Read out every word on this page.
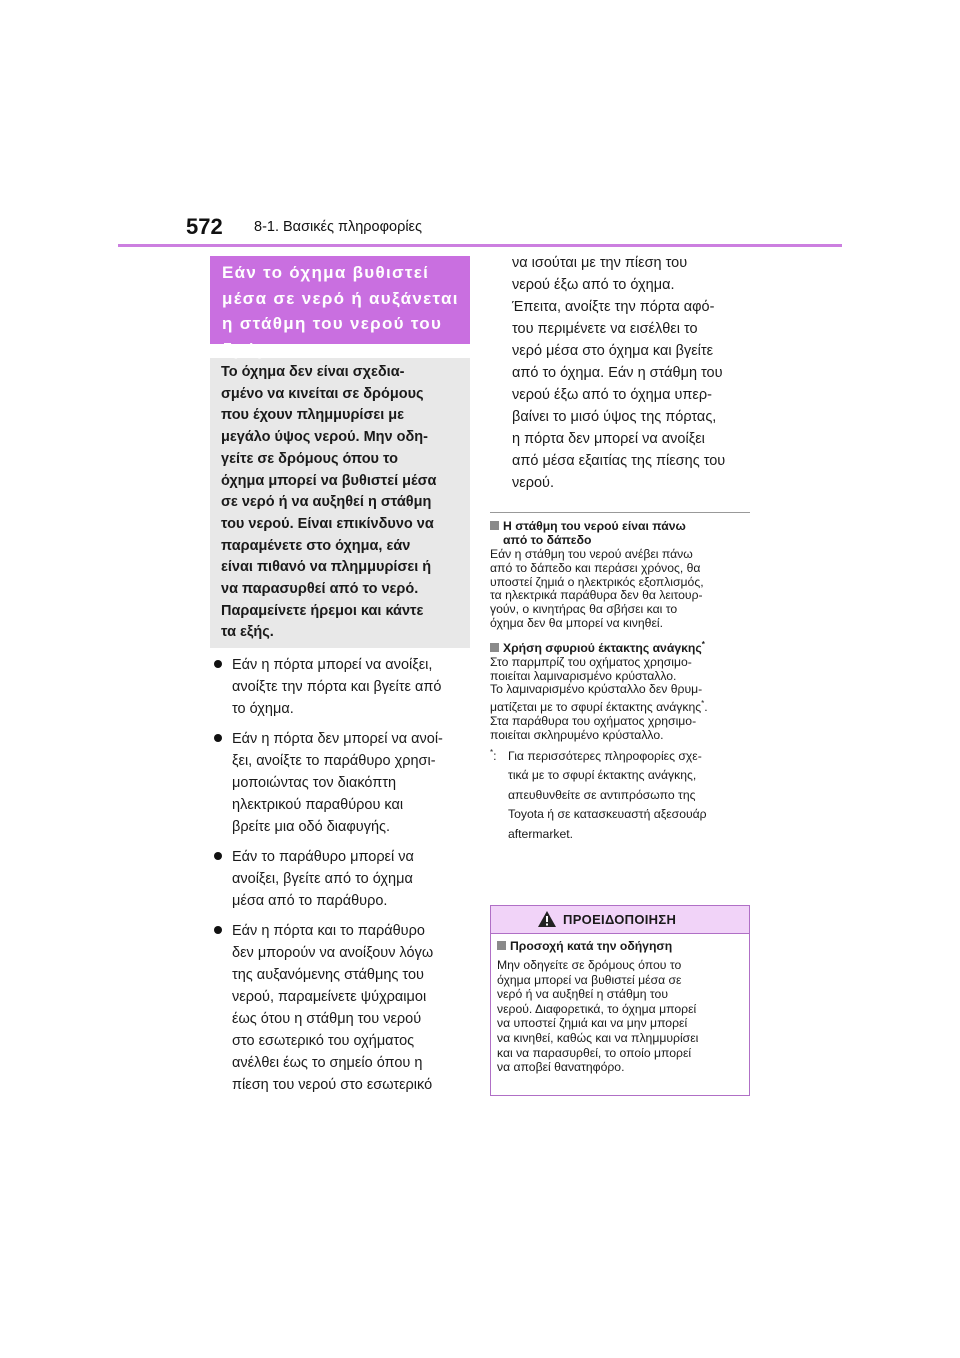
572 8-1. Βασικές πληροφορίες
Εάν το όχημα βυθιστεί
μέσα σε νερό ή αυξάνεται
η στάθμη του νερού του
δρόμου
Το όχημα δεν είναι σχεδια-
σμένο να κινείται σε δρόμους
που έχουν πλημμυρίσει με
μεγάλο ύψος νερού. Μην οδη-
γείτε σε δρόμους όπου το
όχημα μπορεί να βυθιστεί μέσα
σε νερό ή να αυξηθεί η στάθμη
του νερού. Είναι επικίνδυνο να
παραμένετε στο όχημα, εάν
είναι πιθανό να πλημμυρίσει ή
να παρασυρθεί από το νερό.
Παραμείνετε ήρεμοι και κάντε
τα εξής.
Εάν η πόρτα μπορεί να ανοίξει,
ανοίξτε την πόρτα και βγείτε από
το όχημα.
Εάν η πόρτα δεν μπορεί να ανοί-
ξει, ανοίξτε το παράθυρο χρησι-
μοποιώντας τον διακόπτη
ηλεκτρικού παραθύρου και
βρείτε μια οδό διαφυγής.
Εάν το παράθυρο μπορεί να
ανοίξει, βγείτε από το όχημα
μέσα από το παράθυρο.
Εάν η πόρτα και το παράθυρο
δεν μπορούν να ανοίξουν λόγω
της αυξανόμενης στάθμης του
νερού, παραμείνετε ψύχραιμοι
έως ότου η στάθμη του νερού
στο εσωτερικό του οχήματος
ανέλθει έως το σημείο όπου η
πίεση του νερού στο εσωτερικό
να ισούται με την πίεση του
νερού έξω από το όχημα.
Έπειτα, ανοίξτε την πόρτα αφό-
του περιμένετε να εισέλθει το
νερό μέσα στο όχημα και βγείτε
από το όχημα. Εάν η στάθμη του
νερού έξω από το όχημα υπερ-
βαίνει το μισό ύψος της πόρτας,
η πόρτα δεν μπορεί να ανοίξει
από μέσα εξαιτίας της πίεσης του
νερού.
Η στάθμη του νερού είναι πάνω
από το δάπεδο
Εάν η στάθμη του νερού ανέβει πάνω
από το δάπεδο και περάσει χρόνος, θα
υποστεί ζημιά ο ηλεκτρικός εξοπλισμός,
τα ηλεκτρικά παράθυρα δεν θα λειτουρ-
γούν, ο κινητήρας θα σβήσει και το
όχημα δεν θα μπορεί να κινηθεί.
Χρήση σφυριού έκτακτης ανάγκης*
Στο παρμπρίζ του οχήματος χρησιμο-
ποιείται λαμιναρισμένο κρύσταλλο.
Το λαμιναρισμένο κρύσταλλο δεν θρυμ-
ματίζεται με το σφυρί έκτακτης ανάγκης*.
Στα παράθυρα του οχήματος χρησιμο-
ποιείται σκληρυμένο κρύσταλλο.
*: Για περισσότερες πληροφορίες σχε-
τικά με το σφυρί έκτακτης ανάγκης,
απευθυνθείτε σε αντιπρόσωπο της
Toyota ή σε κατασκευαστή αξεσουάρ
aftermarket.
ΠΡΟΕΙΔΟΠΟΙΗΣΗ
Προσοχή κατά την οδήγηση
Μην οδηγείτε σε δρόμους όπου το
όχημα μπορεί να βυθιστεί μέσα σε
νερό ή να αυξηθεί η στάθμη του
νερού. Διαφορετικά, το όχημα μπορεί
να υποστεί ζημιά και να μην μπορεί
να κινηθεί, καθώς και να πλημμυρίσει
και να παρασυρθεί, το οποίο μπορεί
να αποβεί θανατηφόρο.
